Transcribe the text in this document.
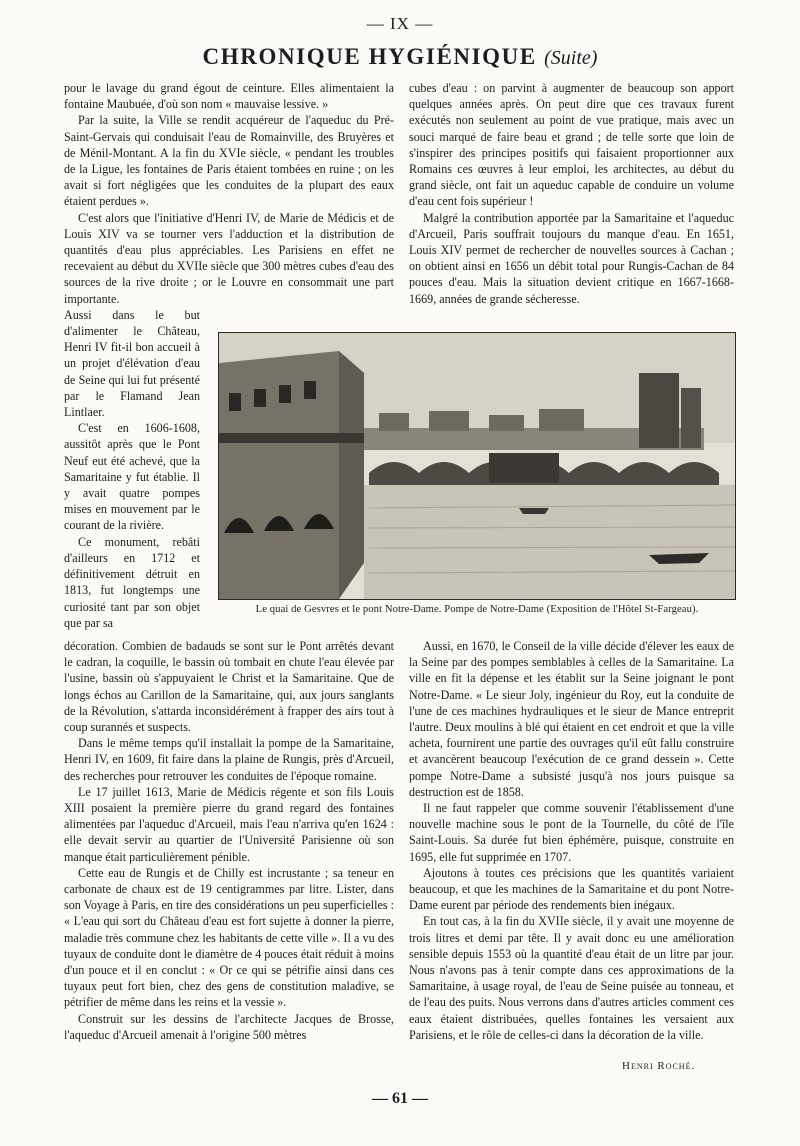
— IX —
CHRONIQUE HYGIÉNIQUE (Suite)

pour le lavage du grand égout de ceinture. Elles alimentaient la fontaine Maubuée, d'où son nom « mauvaise lessive. »

Par la suite, la Ville se rendit acquéreur de l'aqueduc du Pré-Saint-Gervais qui conduisait l'eau de Romainville, des Bruyères et de Ménil-Montant. A la fin du XVIe siècle, « pendant les troubles de la Ligue, les fontaines de Paris étaient tombées en ruine ; on les avait si fort négligées que les conduites de la plupart des eaux étaient perdues ».

C'est alors que l'initiative d'Henri IV, de Marie de Médicis et de Louis XIV va se tourner vers l'adduction et la distribution de quantités d'eau plus appréciables. Les Parisiens en effet ne recevaient au début du XVIIe siècle que 300 mètres cubes d'eau des sources de la rive droite ; or le Louvre en consommait une part importante.

Aussi dans le but d'alimenter le Château, Henri IV fit-il bon accueil à un projet d'élévation d'eau de Seine qui lui fut présenté par le Flamand Jean Lintlaer.

C'est en 1606-1608, aussitôt après que le Pont Neuf eut été achevé, que la Samaritaine y fut établie. Il y avait quatre pompes mises en mouvement par le courant de la rivière.

Ce monument, rebâti d'ailleurs en 1712 et définitivement détruit en 1813, fut longtemps une curiosité tant par son objet que par sa

Le quai de Gesvres et le pont Notre-Dame. Pompe de Notre-Dame (Exposition de l'Hôtel St-Fargeau).

décoration. Combien de badauds se sont sur le Pont arrêtés devant le cadran, la coquille, le bassin où tombait en chute l'eau élevée par l'usine, bassin où s'appuyaient le Christ et la Samaritaine. Que de longs échos au Carillon de la Samaritaine, qui, aux jours sanglants de la Révolution, s'attarda inconsidérément à frapper des airs tout à coup surannés et suspects.

Dans le même temps qu'il installait la pompe de la Samaritaine, Henri IV, en 1609, fit faire dans la plaine de Rungis, près d'Arcueil, des recherches pour retrouver les conduites de l'époque romaine.

Le 17 juillet 1613, Marie de Médicis régente et son fils Louis XIII posaient la première pierre du grand regard des fontaines alimentées par l'aqueduc d'Arcueil, mais l'eau n'arriva qu'en 1624 : elle devait servir au quartier de l'Université Parisienne où son manque était particulièrement pénible.

Cette eau de Rungis et de Chilly est incrustante ; sa teneur en carbonate de chaux est de 19 centigrammes par litre. Lister, dans son Voyage à Paris, en tire des considérations un peu superficielles : « L'eau qui sort du Château d'eau est fort sujette à donner la pierre, maladie très commune chez les habitants de cette ville ». Il a vu des tuyaux de conduite dont le diamètre de 4 pouces était réduit à moins d'un pouce et il en conclut : « Or ce qui se pétrifie ainsi dans ces tuyaux peut fort bien, chez des gens de constitution maladive, se pétrifier de même dans les reins et la vessie ».

Construit sur les dessins de l'architecte Jacques de Brosse, l'aqueduc d'Arcueil amenait à l'origine 500 mètres

cubes d'eau : on parvint à augmenter de beaucoup son apport quelques années après. On peut dire que ces travaux furent exécutés non seulement au point de vue pratique, mais avec un souci marqué de faire beau et grand ; de telle sorte que loin de s'inspirer des principes positifs qui faisaient proportionner aux Romains ces œuvres à leur emploi, les architectes, au début du grand siècle, ont fait un aqueduc capable de conduire un volume d'eau cent fois supérieur !

Malgré la contribution apportée par la Samaritaine et l'aqueduc d'Arcueil, Paris souffrait toujours du manque d'eau. En 1651, Louis XIV permet de rechercher de nouvelles sources à Cachan ; on obtient ainsi en 1656 un débit total pour Rungis-Cachan de 84 pouces d'eau. Mais la situation devient critique en 1667-1668-1669, années de grande sécheresse.

Aussi, en 1670, le Conseil de la ville décide d'élever les eaux de la Seine par des pompes semblables à celles de la Samaritaine. La ville en fit la dépense et les établit sur la Seine joignant le pont Notre-Dame. « Le sieur Joly, ingénieur du Roy, eut la conduite de l'une de ces machines hydrauliques et le sieur de Mance entreprit l'autre. Deux moulins à blé qui étaient en cet endroit et que la ville acheta, fournirent une partie des ouvrages qu'il eût fallu construire et avancèrent beaucoup l'exécution de ce grand dessein ». Cette pompe Notre-Dame a subsisté jusqu'à nos jours puisque sa destruction est de 1858.

Il ne faut rappeler que comme souvenir l'établissement d'une nouvelle machine sous le pont de la Tournelle, du côté de l'île Saint-Louis. Sa durée fut bien éphémère, puisque, construite en 1695, elle fut supprimée en 1707.

Ajoutons à toutes ces précisions que les quantités variaient beaucoup, et que les machines de la Samaritaine et du pont Notre-Dame eurent par période des rendements bien inégaux.

En tout cas, à la fin du XVIIe siècle, il y avait une moyenne de trois litres et demi par tête. Il y avait donc eu une amélioration sensible depuis 1553 où la quantité d'eau était de un litre par jour. Nous n'avons pas à tenir compte dans ces approximations de la Samaritaine, à usage royal, de l'eau de Seine puisée au tonneau, et de l'eau des puits. Nous verrons dans d'autres articles comment ces eaux étaient distribuées, quelles fontaines les versaient aux Parisiens, et le rôle de celles-ci dans la décoration de la ville.

Henri Roché.
— 61 —
